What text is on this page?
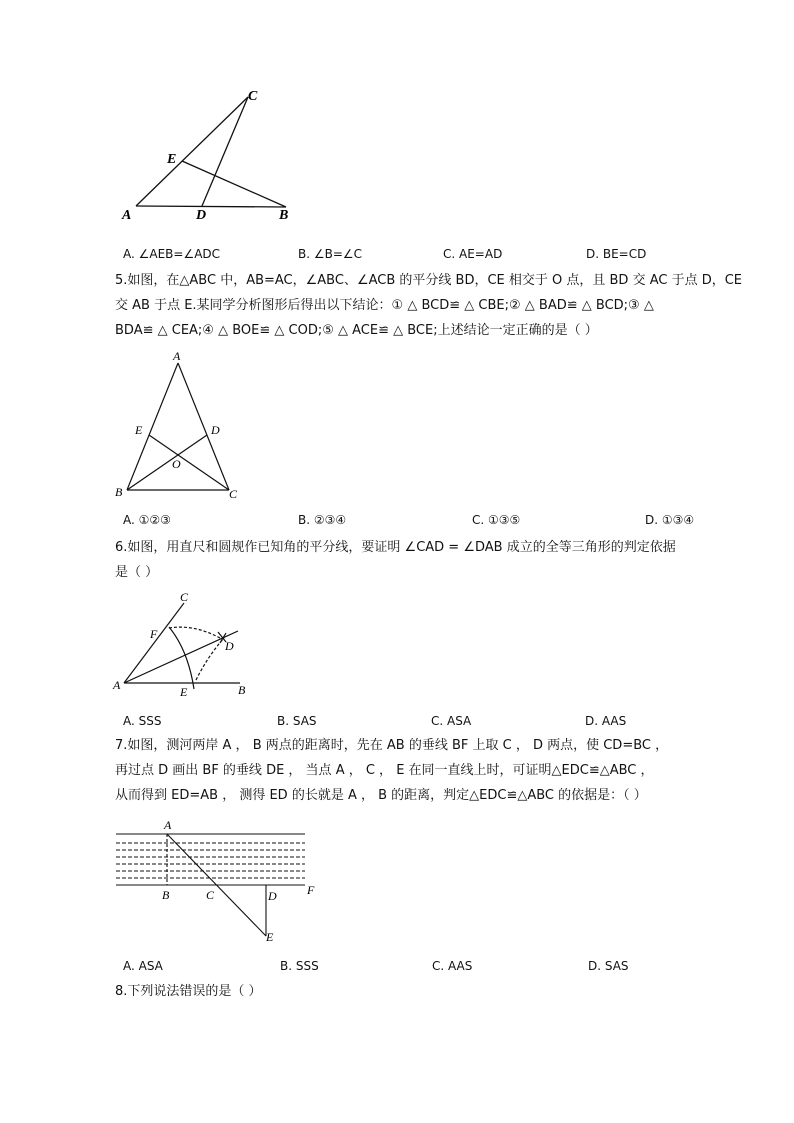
C
E
A	D	B
A. ∠AEB=∠ADC	B. ∠B=∠C	C. AE=AD	D. BE=CD
5.如图，在△ABC 中，AB=AC，∠ABC、∠ACB 的平分线 BD，CE 相交于 O 点，且 BD 交 AC 于点 D，CE
交 AB 于点 E.某同学分析图形后得出以下结论：① △ BCD≌ △ CBE;② △ BAD≌ △ BCD;③ △
BDA≌ △ CEA;④ △ BOE≌ △ COD;⑤ △ ACE≌ △ BCE;上述结论一定正确的是（ ）
A
E	D
O
B	C
A. ①②③	B. ②③④	C. ①③⑤	D. ①③④
6.如图，用直尺和圆规作已知角的平分线，要证明 ∠CAD = ∠DAB 成立的全等三角形的判定依据
是（ ）
C
F
D
A	E	B
A. SSS	B. SAS	C. ASA	D. AAS
7.如图，测河两岸 A ， B 两点的距离时，先在 AB 的垂线 BF 上取 C ， D 两点，使 CD=BC ，
再过点 D 画出 BF 的垂线 DE ， 当点 A ， C ， E 在同一直线上时，可证明△EDC≌△ABC ，
从而得到 ED=AB ， 测得 ED 的长就是 A ， B 的距离，判定△EDC≌△ABC 的依据是：（ ）
A
B	C	D	F
E
A. ASA	B. SSS	C. AAS	D. SAS
8.下列说法错误的是（ ）
